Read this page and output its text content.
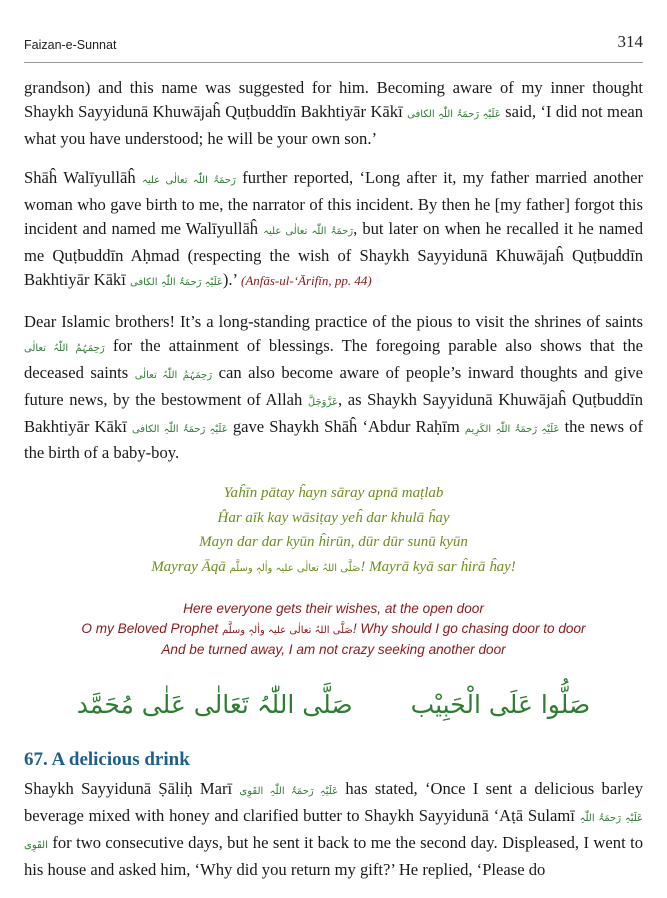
Faizan-e-Sunnat	314

grandson) and this name was suggested for him. Becoming aware of my inner thought Shaykh Sayyidunā Khuwājaĥ Quṭbuddīn Bakhtiyār Kākī عَلَیْہِ رَحمَۃُ اللّٰہِ الکافی said, ‘I did not mean what you have understood; he will be your own son.’

Shāĥ Walīyullāĥ رَحمَۃُ اللّٰہ تعالٰی علیہ further reported, ‘Long after it, my father married another woman who gave birth to me, the narrator of this incident. By then he [my father] forgot this incident and named me Walīyullāĥ رَحمَۃُ اللّٰہ تعالٰی علیہ, but later on when he recalled it he named me Quṭbuddīn Aḥmad (respecting the wish of Shaykh Sayyidunā Khuwājaĥ Quṭbuddīn Bakhtiyār Kākī عَلَیْہِ رَحمَۃُ اللّٰہِ الکافی).’ (Anfās-ul-‘Ārifīn, pp. 44)

Dear Islamic brothers! It’s a long-standing practice of the pious to visit the shrines of saints رَحِمَہُمُ اللّٰہُ تعالٰی for the attainment of blessings. The foregoing parable also shows that the deceased saints رَحِمَہُمُ اللّٰہُ تعالٰی can also become aware of people’s inward thoughts and give future news, by the bestowment of Allah عَزَّوَجَلَّ, as Shaykh Sayyidunā Khuwājaĥ Quṭbuddīn Bakhtiyār Kākī عَلَیْہِ رَحمَۃُ اللّٰہِ الکافی gave Shaykh Shāĥ ‘Abdur Raḥīm عَلَیْہِ رَحمَۃُ اللّٰہِ الکَرِیم the news of the birth of a baby-boy.

Yaĥīn pātay ĥayn sāray apnā maṭlab
Ĥar aīk kay wāsiṭay yeĥ dar khulā ĥay
Mayn dar dar kyūn ĥirūn, dūr dūr sunū kyūn
Mayray Āqā صَلَّی اللہُ تعالٰی علیہ واٰلہٖ وسلَّم! Mayrā kyā sar ĥirā ĥay!
Here everyone gets their wishes, at the open door
O my Beloved Prophet صَلَّی اللہُ تعالٰی علیہ واٰلہٖ وسلَّم! Why should I go chasing door to door
And be turned away, I am not crazy seeking another door
صَلَّی اللّٰہُ تَعَالٰی عَلٰی مُحَمَّد صَلُّوا عَلَی الْحَبِیْب
67. A delicious drink

Shaykh Sayyidunā Ṣāliḥ Marī عَلَیْہِ رَحمَۃُ اللّٰہِ القَوِی has stated, ‘Once I sent a delicious barley beverage mixed with honey and clarified butter to Shaykh Sayyidunā ‘Aṭā Sulamī عَلَیْہِ رَحمَۃُ اللّٰہِ القَوِی for two consecutive days, but he sent it back to me the second day. Displeased, I went to his house and asked him, ‘Why did you return my gift?’ He replied, ‘Please do
